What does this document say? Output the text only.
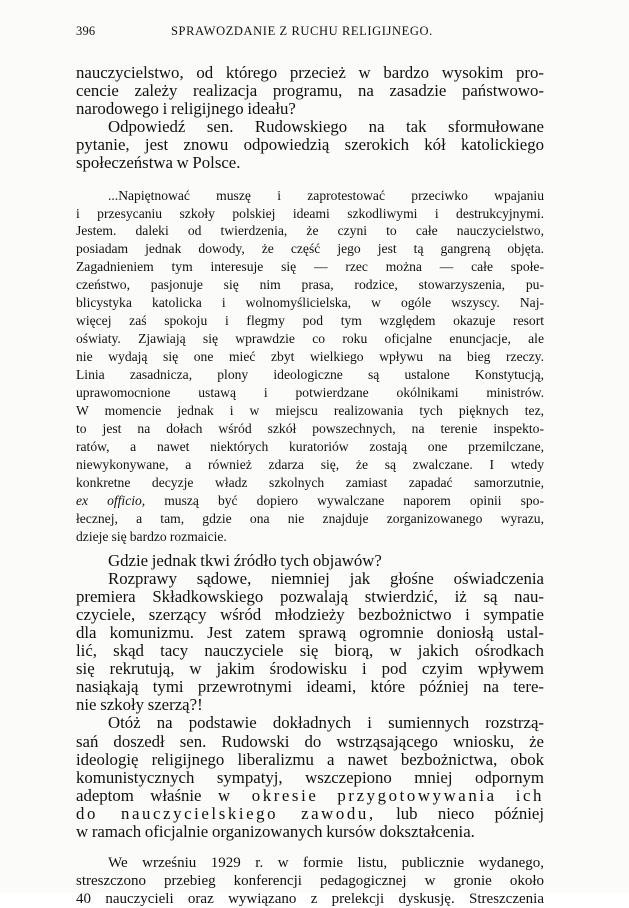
396	SPRAWOZDANIE Z RUCHU RELIGIJNEGO.

nauczycielstwo, od którego przecież w bardzo wysokim pro-
cencie zależy realizacja programu, na zasadzie państwowo-
narodowego i religijnego ideału?

Odpowiedź sen. Rudowskiego na tak sformułowane
pytanie, jest znowu odpowiedzią szerokich kół katolickiego
społeczeństwa w Polsce.

...Napiętnować muszę i zaprotestować przeciwko wpajaniu
i przesycaniu szkoły polskiej ideami szkodliwymi i destrukcyjnymi.
Jestem. daleki od twierdzenia, że czyni to całe nauczycielstwo,
posiadam jednak dowody, że część jego jest tą gangreną objęta.
Zagadnieniem tym interesuje się — rzec można — całe społe-
czeństwo, pasjonuje się nim prasa, rodzice, stowarzyszenia, pu-
blicystyka katolicka i wolnomyślicielska, w ogóle wszyscy. Naj-
więcej zaś spokoju i flegmy pod tym względem okazuje resort
oświaty. Zjawiają się wprawdzie co roku oficjalne enuncjacje, ale
nie wydają się one mieć zbyt wielkiego wpływu na bieg rzeczy.
Linia zasadnicza, plony ideologiczne są ustalone Konstytucją,
uprawomocnione ustawą i potwierdzane okólnikami ministrów.
W momencie jednak i w miejscu realizowania tych pięknych tez,
to jest na dołach wśród szkół powszechnych, na terenie inspekto-
ratów, a nawet niektórych kuratoriów zostają one przemilczane,
niewykonywane, a również zdarza się, że są zwalczane. I wtedy
konkretne decyzje władz szkolnych zamiast zapadać samorzutnie,
ex officio, muszą być dopiero wywalczane naporem opinii spo-
łecznej, a tam, gdzie ona nie znajduje zorganizowanego wyrazu,
dzieje się bardzo rozmaicie.

Gdzie jednak tkwi źródło tych objawów?

Rozprawy sądowe, niemniej jak głośne oświadczenia
premiera Składkowskiego pozwalają stwierdzić, iż są nau-
czyciele, szerzący wśród młodzieży bezbożnictwo i sympatie
dla komunizmu. Jest zatem sprawą ogromnie doniosłą ustal-
lić, skąd tacy nauczyciele się biorą, w jakich ośrodkach
się rekrutują, w jakim środowisku i pod czyim wpływem
nasiąkają tymi przewrotnymi ideami, które później na tere-
nie szkoły szerzą?!

Otóż na podstawie dokładnych i sumiennych rozstrzą-
sań doszedł sen. Rudowski do wstrząsającego wniosku, że
ideologię religijnego liberalizmu a nawet bezbożnictwa, obok
komunistycznych sympatyj, wszczepiono mniej odpornym
adeptom właśnie w okresie przygotowywania ich
do nauczycielskiego zawodu, lub nieco później
w ramach oficjalnie organizowanych kursów dokształcenia.

We wrześniu 1929 r. w formie listu, publicznie wydanego,
streszczono przebieg konferencji pedagogicznej w gronie około
40 nauczycieli oraz wywiązano z prelekcji dyskusję. Streszczenia
